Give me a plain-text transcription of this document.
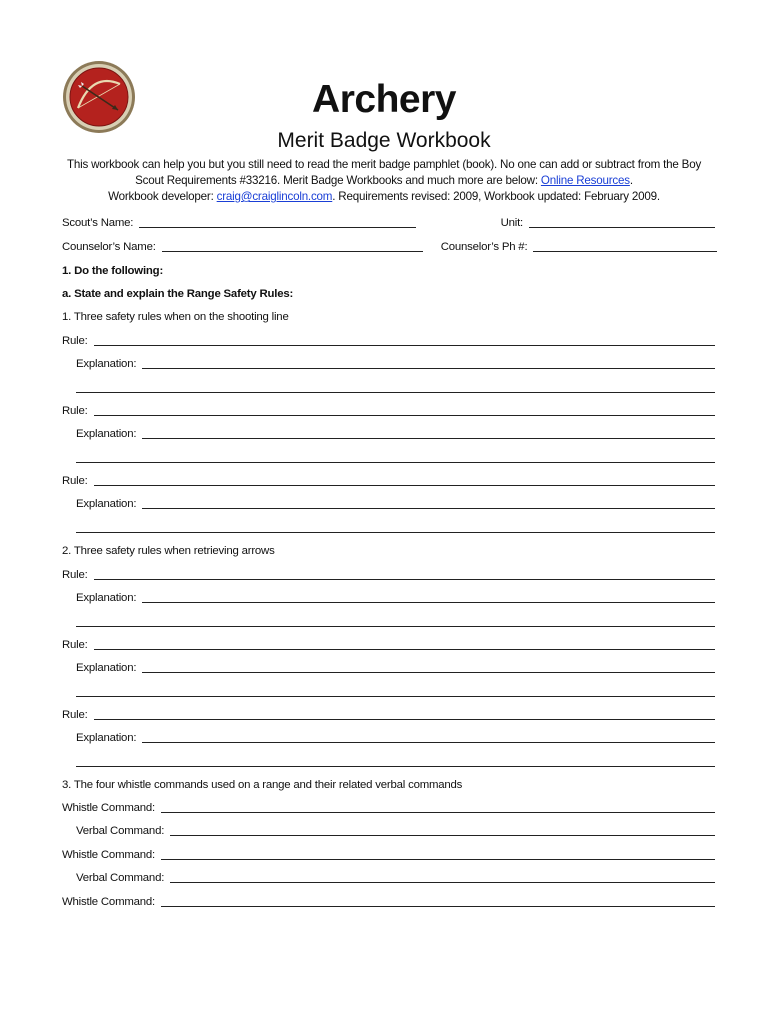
Archery
Merit Badge Workbook
This workbook can help you but you still need to read the merit badge pamphlet (book). No one can add or subtract from the Boy
Scout Requirements #33216. Merit Badge Workbooks and much more are below: Online Resources.
Workbook developer: craig@craiglincoln.com. Requirements revised: 2009, Workbook updated: February 2009.
Scout’s Name:	Unit:
Counselor’s Name:	Counselor’s Ph #:
1. Do the following:
a. State and explain the Range Safety Rules:
1. Three safety rules when on the shooting line
Rule:
Explanation:
Rule:
Explanation:
Rule:
Explanation:
2. Three safety rules when retrieving arrows
Rule:
Explanation:
Rule:
Explanation:
Rule:
Explanation:
3. The four whistle commands used on a range and their related verbal commands
Whistle Command:
Verbal Command:
Whistle Command:
Verbal Command:
Whistle Command:
